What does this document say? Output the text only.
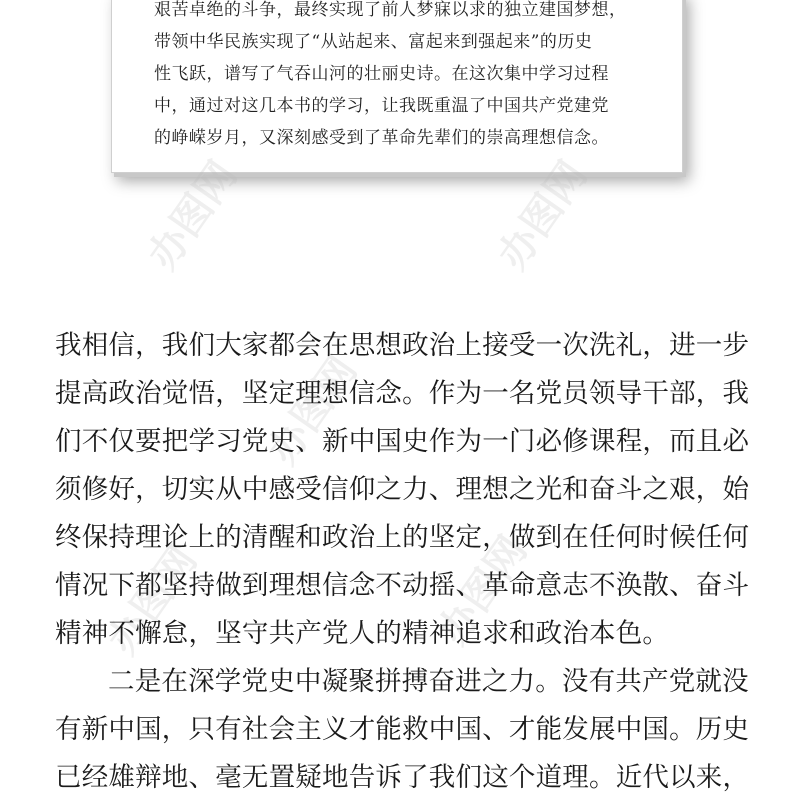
艰苦卓绝的斗争，最终实现了前人梦寐以求的独立建国梦想，
带领中华民族实现了“从站起来、富起来到强起来”的历史
性飞跃，谱写了气吞山河的壮丽史诗。在这次集中学习过程
中，通过对这几本书的学习，让我既重温了中国共产党建党
的峥嵘岁月，又深刻感受到了革命先辈们的崇高理想信念。
办图网	办图网
办图网
办图网	办图网
我相信，我们大家都会在思想政治上接受一次洗礼，进一步
提高政治觉悟，坚定理想信念。作为一名党员领导干部，我
们不仅要把学习党史、新中国史作为一门必修课程，而且必
须修好，切实从中感受信仰之力、理想之光和奋斗之艰，始
终保持理论上的清醒和政治上的坚定，做到在任何时候任何
情况下都坚持做到理想信念不动摇、革命意志不涣散、奋斗
精神不懈怠，坚守共产党人的精神追求和政治本色。
二是在深学党史中凝聚拼搏奋进之力。没有共产党就没
有新中国，只有社会主义才能救中国、才能发展中国。历史
已经雄辩地、毫无置疑地告诉了我们这个道理。近代以来，
